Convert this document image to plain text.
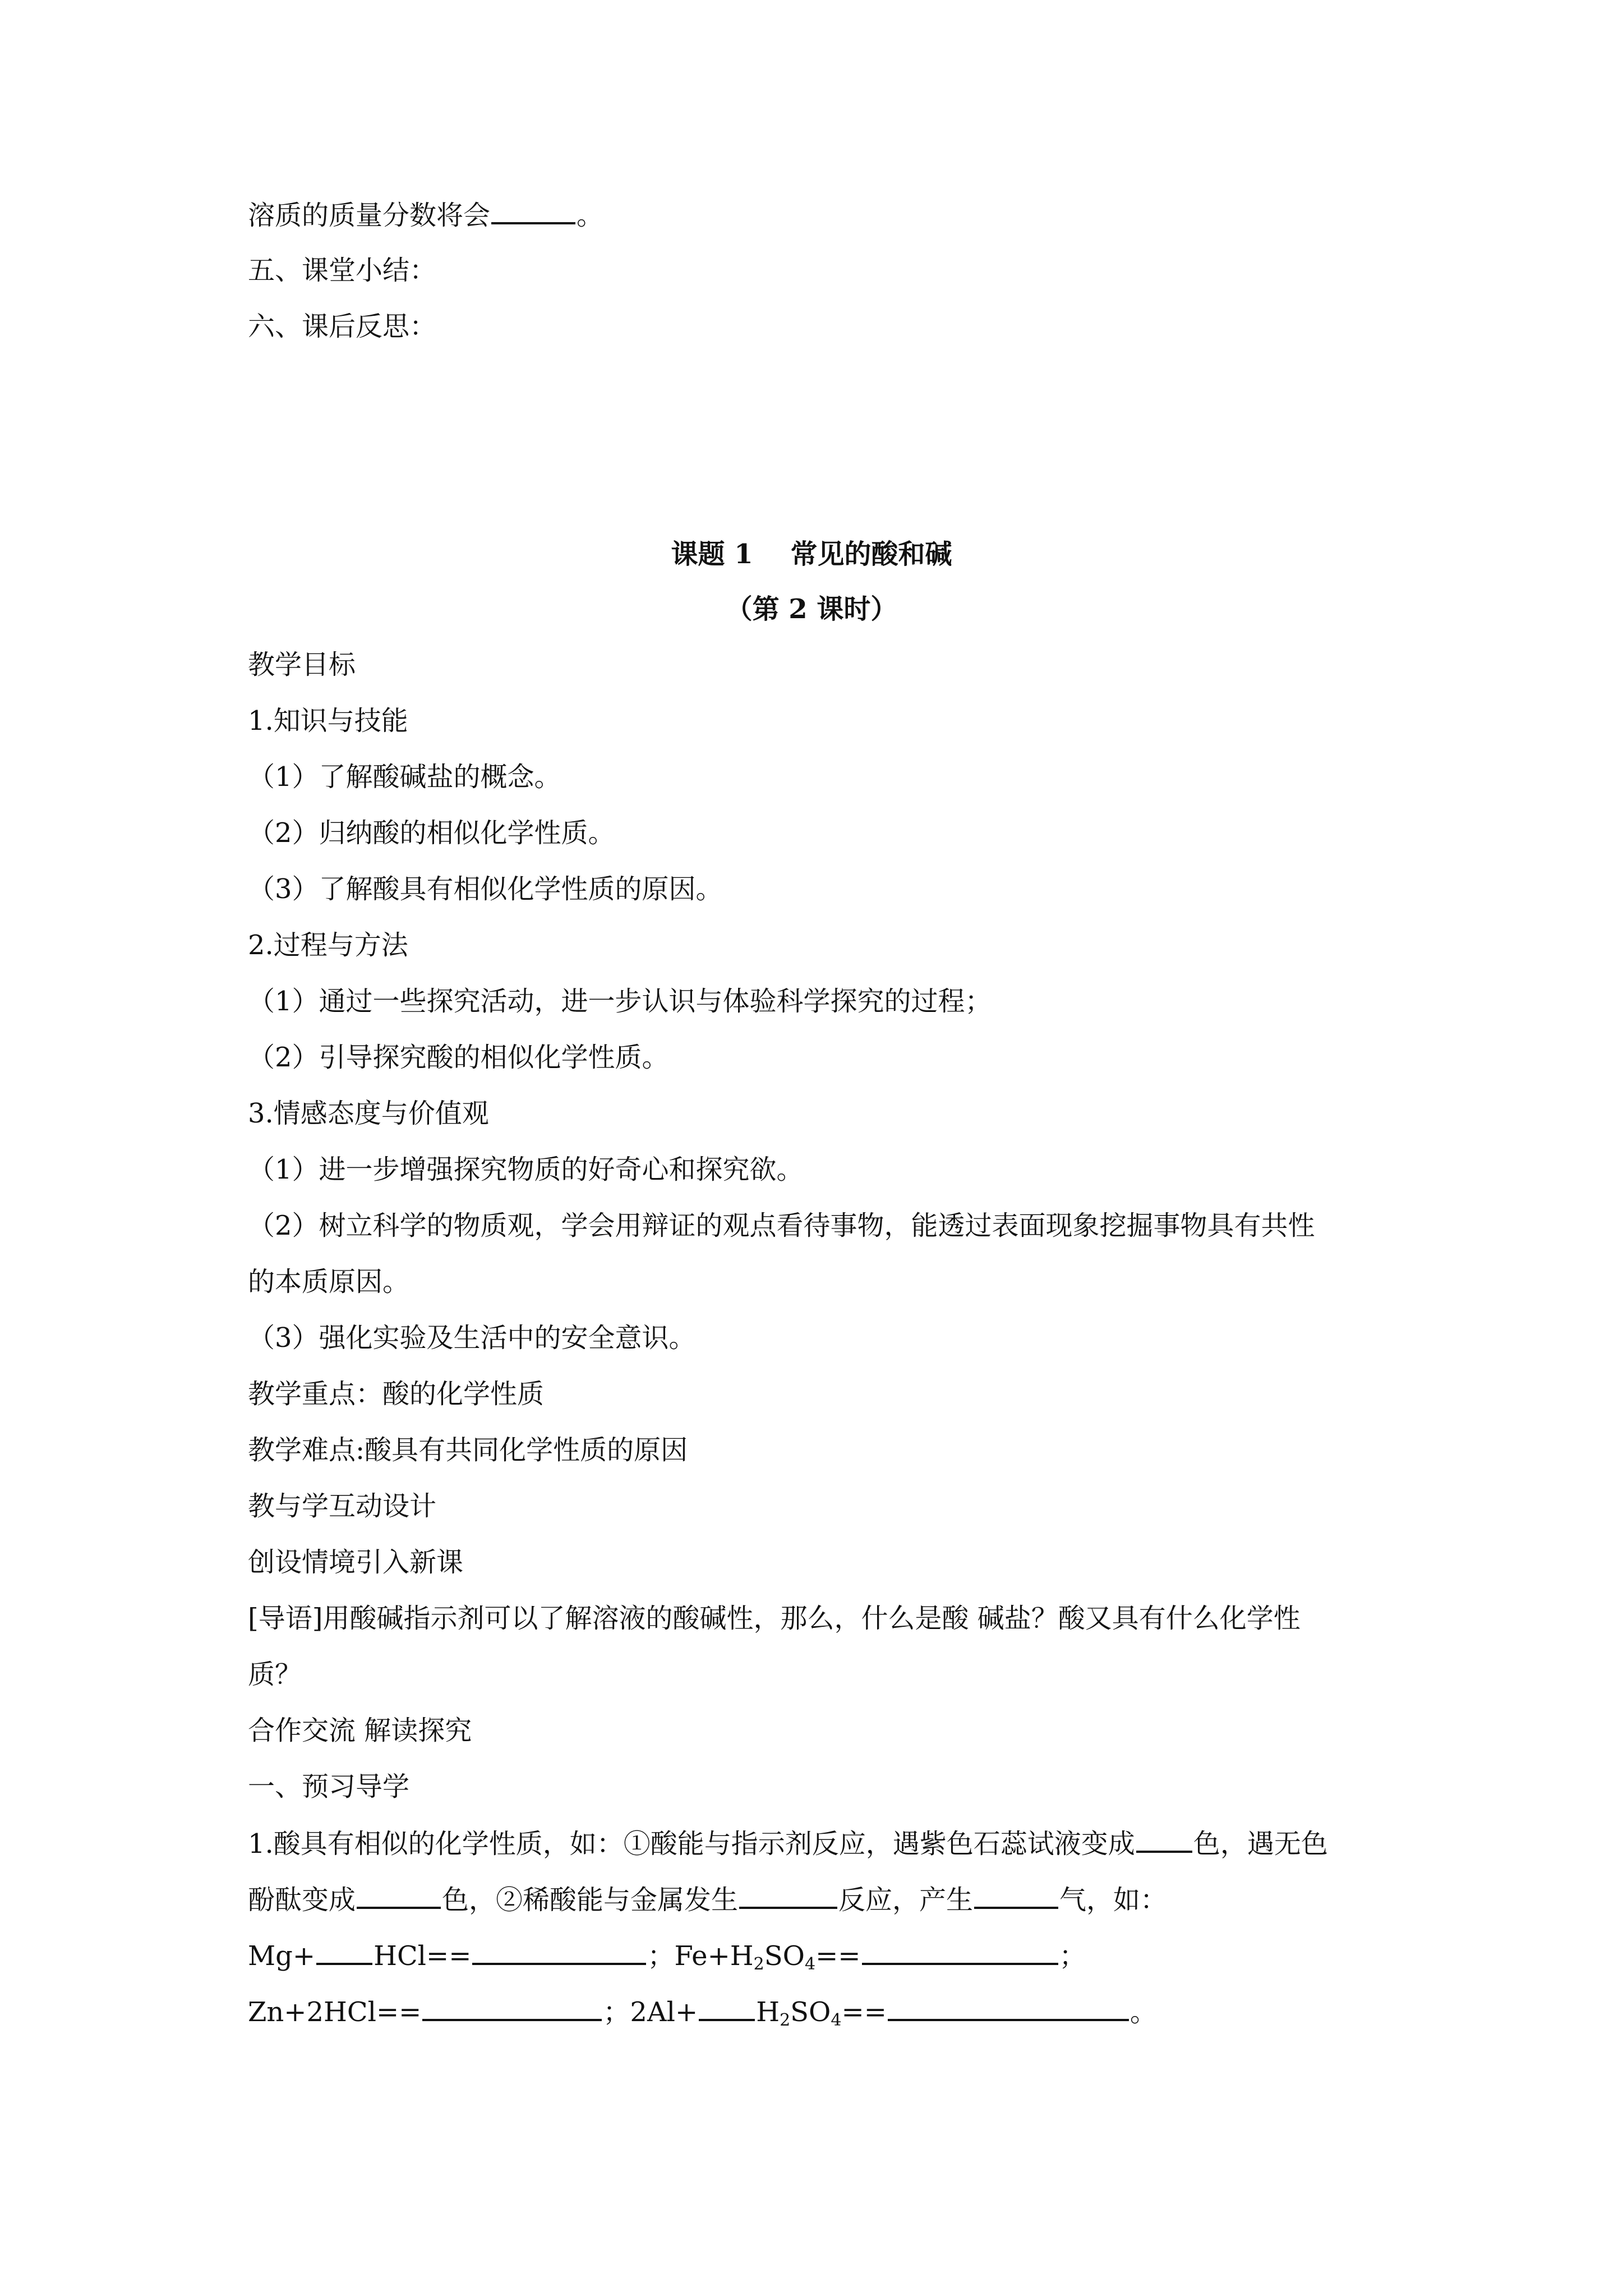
溶质的质量分数将会	。
五、课堂小结：
六、课后反思：
课题 1    常见的酸和碱
（第 2 课时）
教学目标
1.知识与技能
（1）了解酸碱盐的概念。
（2）归纳酸的相似化学性质。
（3）了解酸具有相似化学性质的原因。
2.过程与方法
（1）通过一些探究活动，进一步认识与体验科学探究的过程；
（2）引导探究酸的相似化学性质。
3.情感态度与价值观
（1）进一步增强探究物质的好奇心和探究欲。
（2）树立科学的物质观，学会用辩证的观点看待事物，能透过表面现象挖掘事物具有共性
的本质原因。
（3）强化实验及生活中的安全意识。
教学重点：酸的化学性质
教学难点:酸具有共同化学性质的原因
教与学互动设计
创设情境引入新课
[导语]用酸碱指示剂可以了解溶液的酸碱性，那么，什么是酸 碱盐？酸又具有什么化学性
质？
合作交流 解读探究
一、预习导学
1.酸具有相似的化学性质，如：①酸能与指示剂反应，遇紫色石蕊试液变成 色，遇无色
酚酞变成	色，②稀酸能与金属发生	反应，产生	气，如：
Mg+ HCl==	；$Fe+H_2SO_4==$	；
Zn+2HCl==	；$2Al+ H_2SO_4==$	。
